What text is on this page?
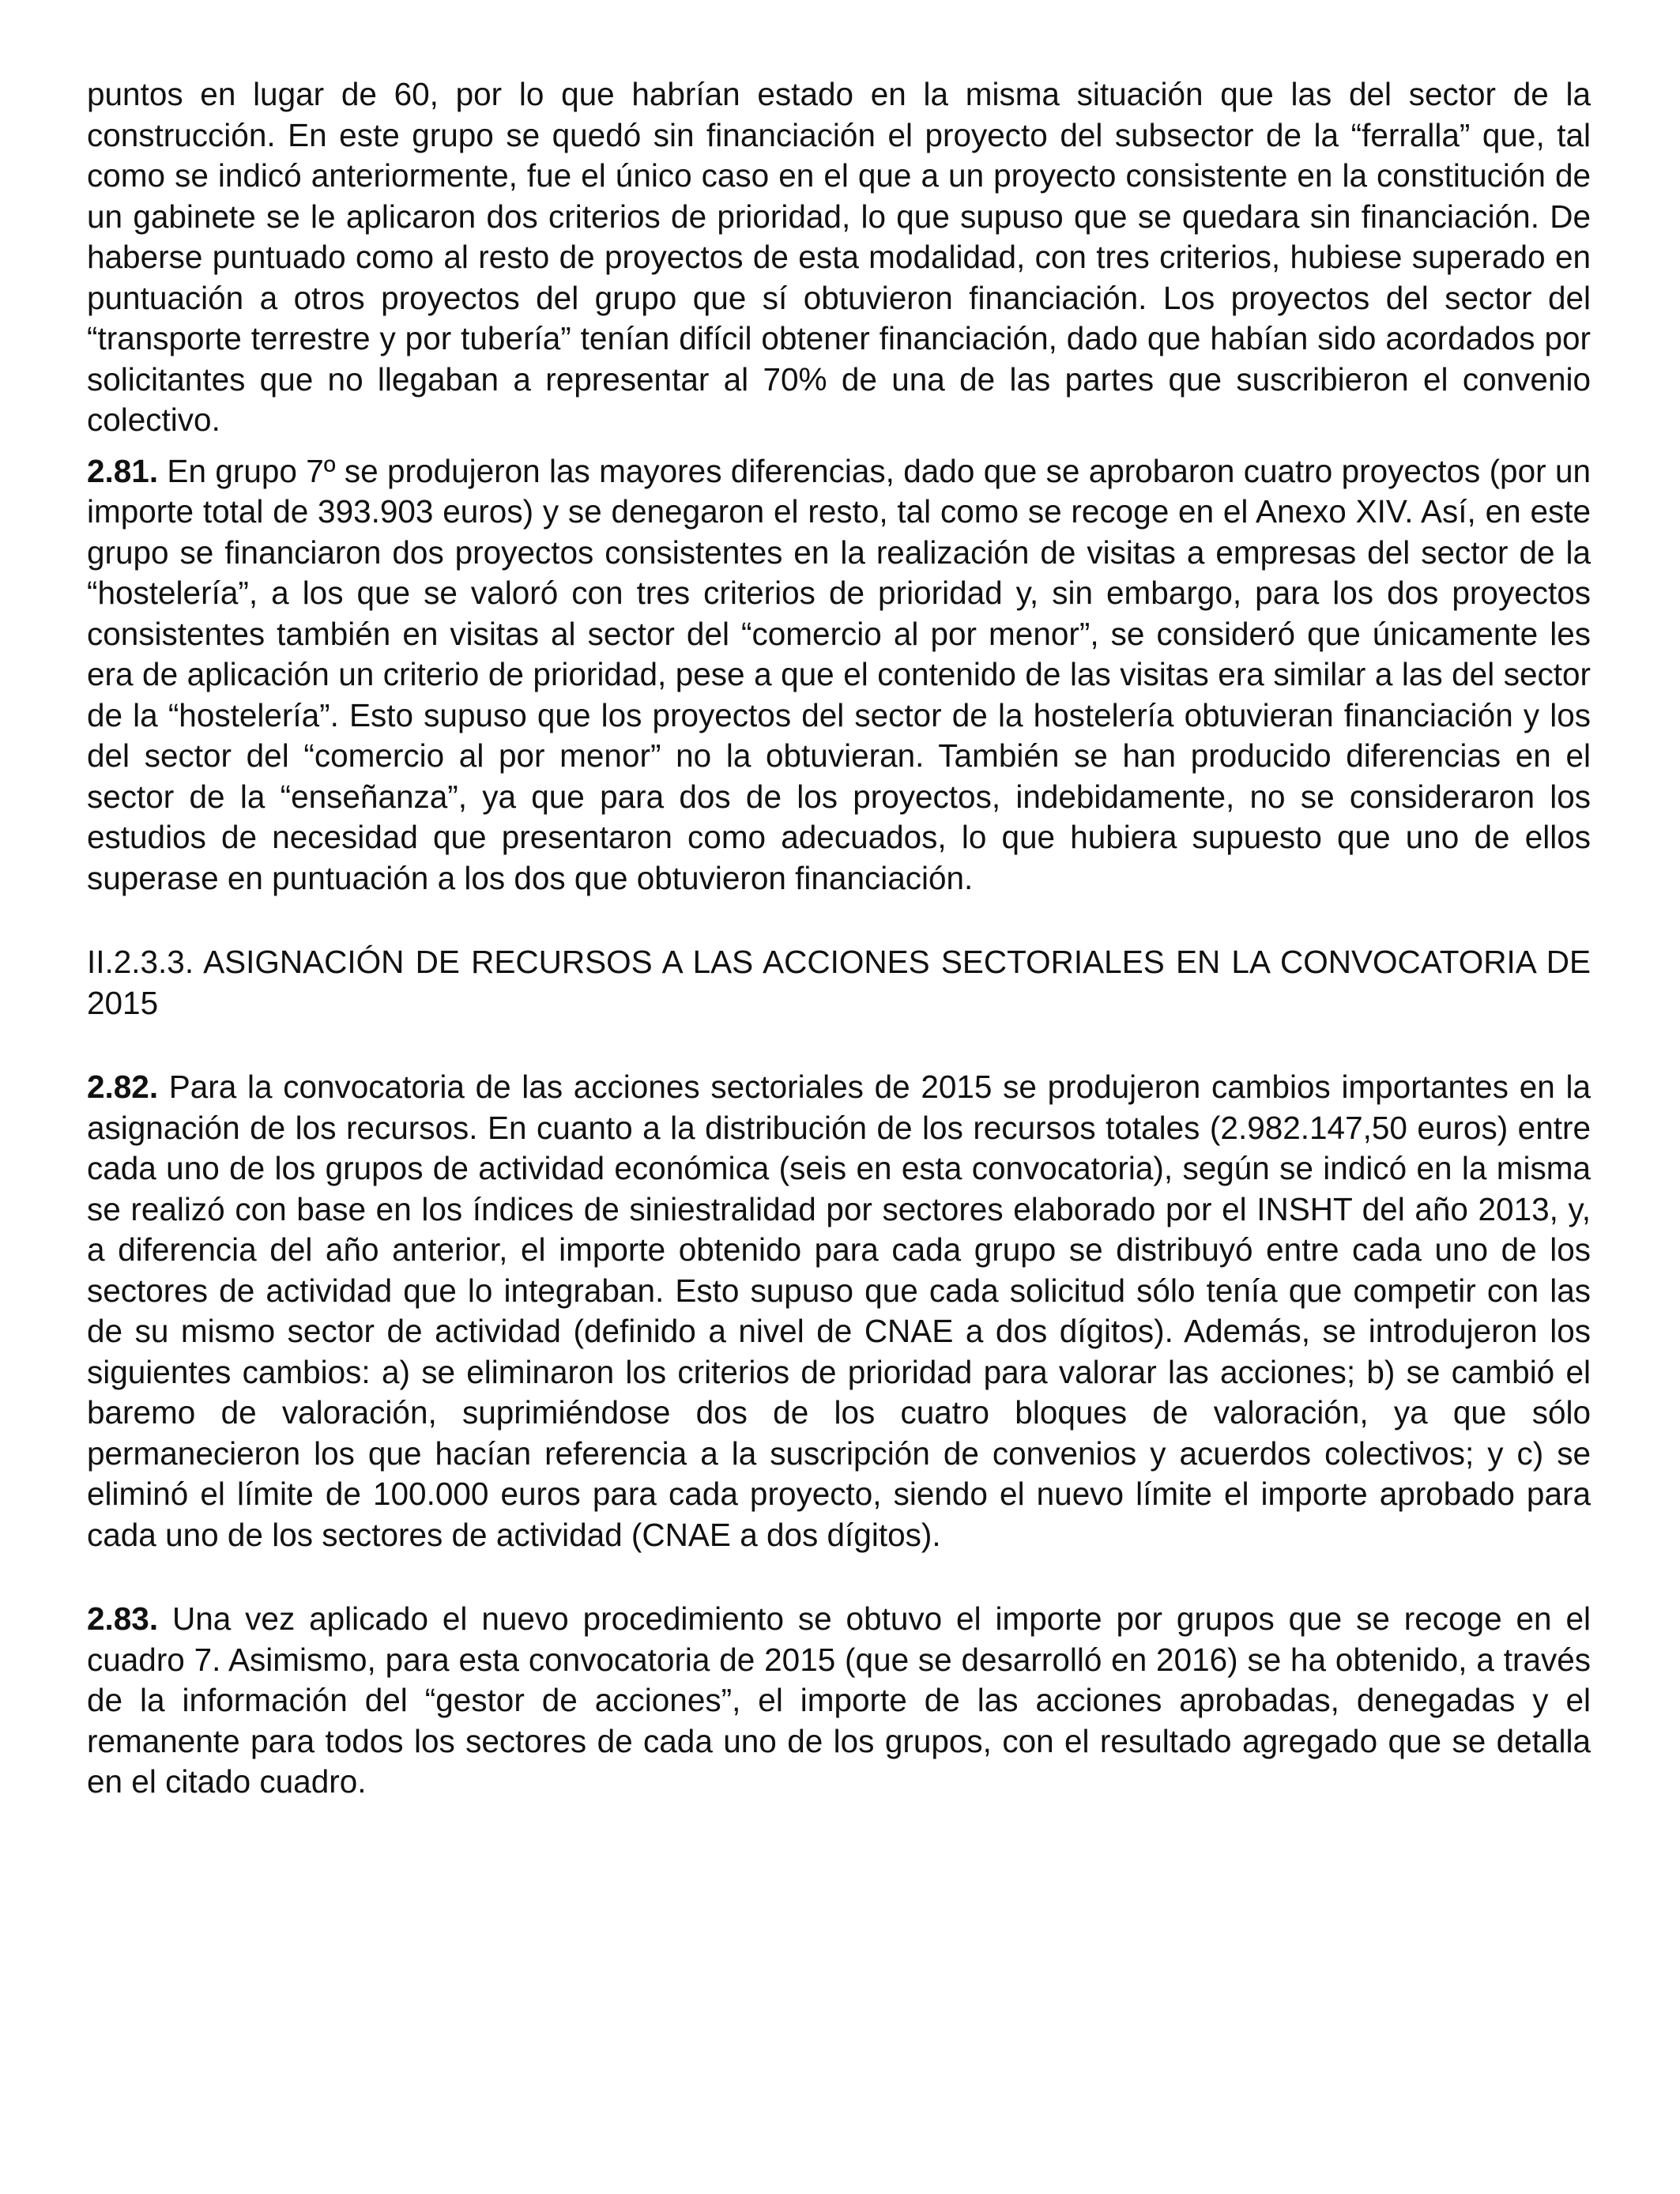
puntos en lugar de 60, por lo que habrían estado en la misma situación que las del sector de la construcción. En este grupo se quedó sin financiación el proyecto del subsector de la “ferralla” que, tal como se indicó anteriormente, fue el único caso en el que a un proyecto consistente en la constitución de un gabinete se le aplicaron dos criterios de prioridad, lo que supuso que se quedara sin financiación. De haberse puntuado como al resto de proyectos de esta modalidad, con tres criterios, hubiese superado en puntuación a otros proyectos del grupo que sí obtuvieron financiación. Los proyectos del sector del “transporte terrestre y por tubería” tenían difícil obtener financiación, dado que habían sido acordados por solicitantes que no llegaban a representar al 70% de una de las partes que suscribieron el convenio colectivo.

2.81. En grupo 7º se produjeron las mayores diferencias, dado que se aprobaron cuatro proyectos (por un importe total de 393.903 euros) y se denegaron el resto, tal como se recoge en el Anexo XIV. Así, en este grupo se financiaron dos proyectos consistentes en la realización de visitas a empresas del sector de la “hostelería”, a los que se valoró con tres criterios de prioridad y, sin embargo, para los dos proyectos consistentes también en visitas al sector del “comercio al por menor”, se consideró que únicamente les era de aplicación un criterio de prioridad, pese a que el contenido de las visitas era similar a las del sector de la “hostelería”. Esto supuso que los proyectos del sector de la hostelería obtuvieran financiación y los del sector del “comercio al por menor” no la obtuvieran. También se han producido diferencias en el sector de la “enseñanza”, ya que para dos de los proyectos, indebidamente, no se consideraron los estudios de necesidad que presentaron como adecuados, lo que hubiera supuesto que uno de ellos superase en puntuación a los dos que obtuvieron financiación.

II.2.3.3. ASIGNACIÓN DE RECURSOS A LAS ACCIONES SECTORIALES EN LA CONVOCATORIA DE 2015

2.82. Para la convocatoria de las acciones sectoriales de 2015 se produjeron cambios importantes en la asignación de los recursos. En cuanto a la distribución de los recursos totales (2.982.147,50 euros) entre cada uno de los grupos de actividad económica (seis en esta convocatoria), según se indicó en la misma se realizó con base en los índices de siniestralidad por sectores elaborado por el INSHT del año 2013, y, a diferencia del año anterior, el importe obtenido para cada grupo se distribuyó entre cada uno de los sectores de actividad que lo integraban. Esto supuso que cada solicitud sólo tenía que competir con las de su mismo sector de actividad (definido a nivel de CNAE a dos dígitos). Además, se introdujeron los siguientes cambios: a) se eliminaron los criterios de prioridad para valorar las acciones; b) se cambió el baremo de valoración, suprimiéndose dos de los cuatro bloques de valoración, ya que sólo permanecieron los que hacían referencia a la suscripción de convenios y acuerdos colectivos; y c) se eliminó el límite de 100.000 euros para cada proyecto, siendo el nuevo límite el importe aprobado para cada uno de los sectores de actividad (CNAE a dos dígitos).

2.83. Una vez aplicado el nuevo procedimiento se obtuvo el importe por grupos que se recoge en el cuadro 7. Asimismo, para esta convocatoria de 2015 (que se desarrolló en 2016) se ha obtenido, a través de la información del “gestor de acciones”, el importe de las acciones aprobadas, denegadas y el remanente para todos los sectores de cada uno de los grupos, con el resultado agregado que se detalla en el citado cuadro.
